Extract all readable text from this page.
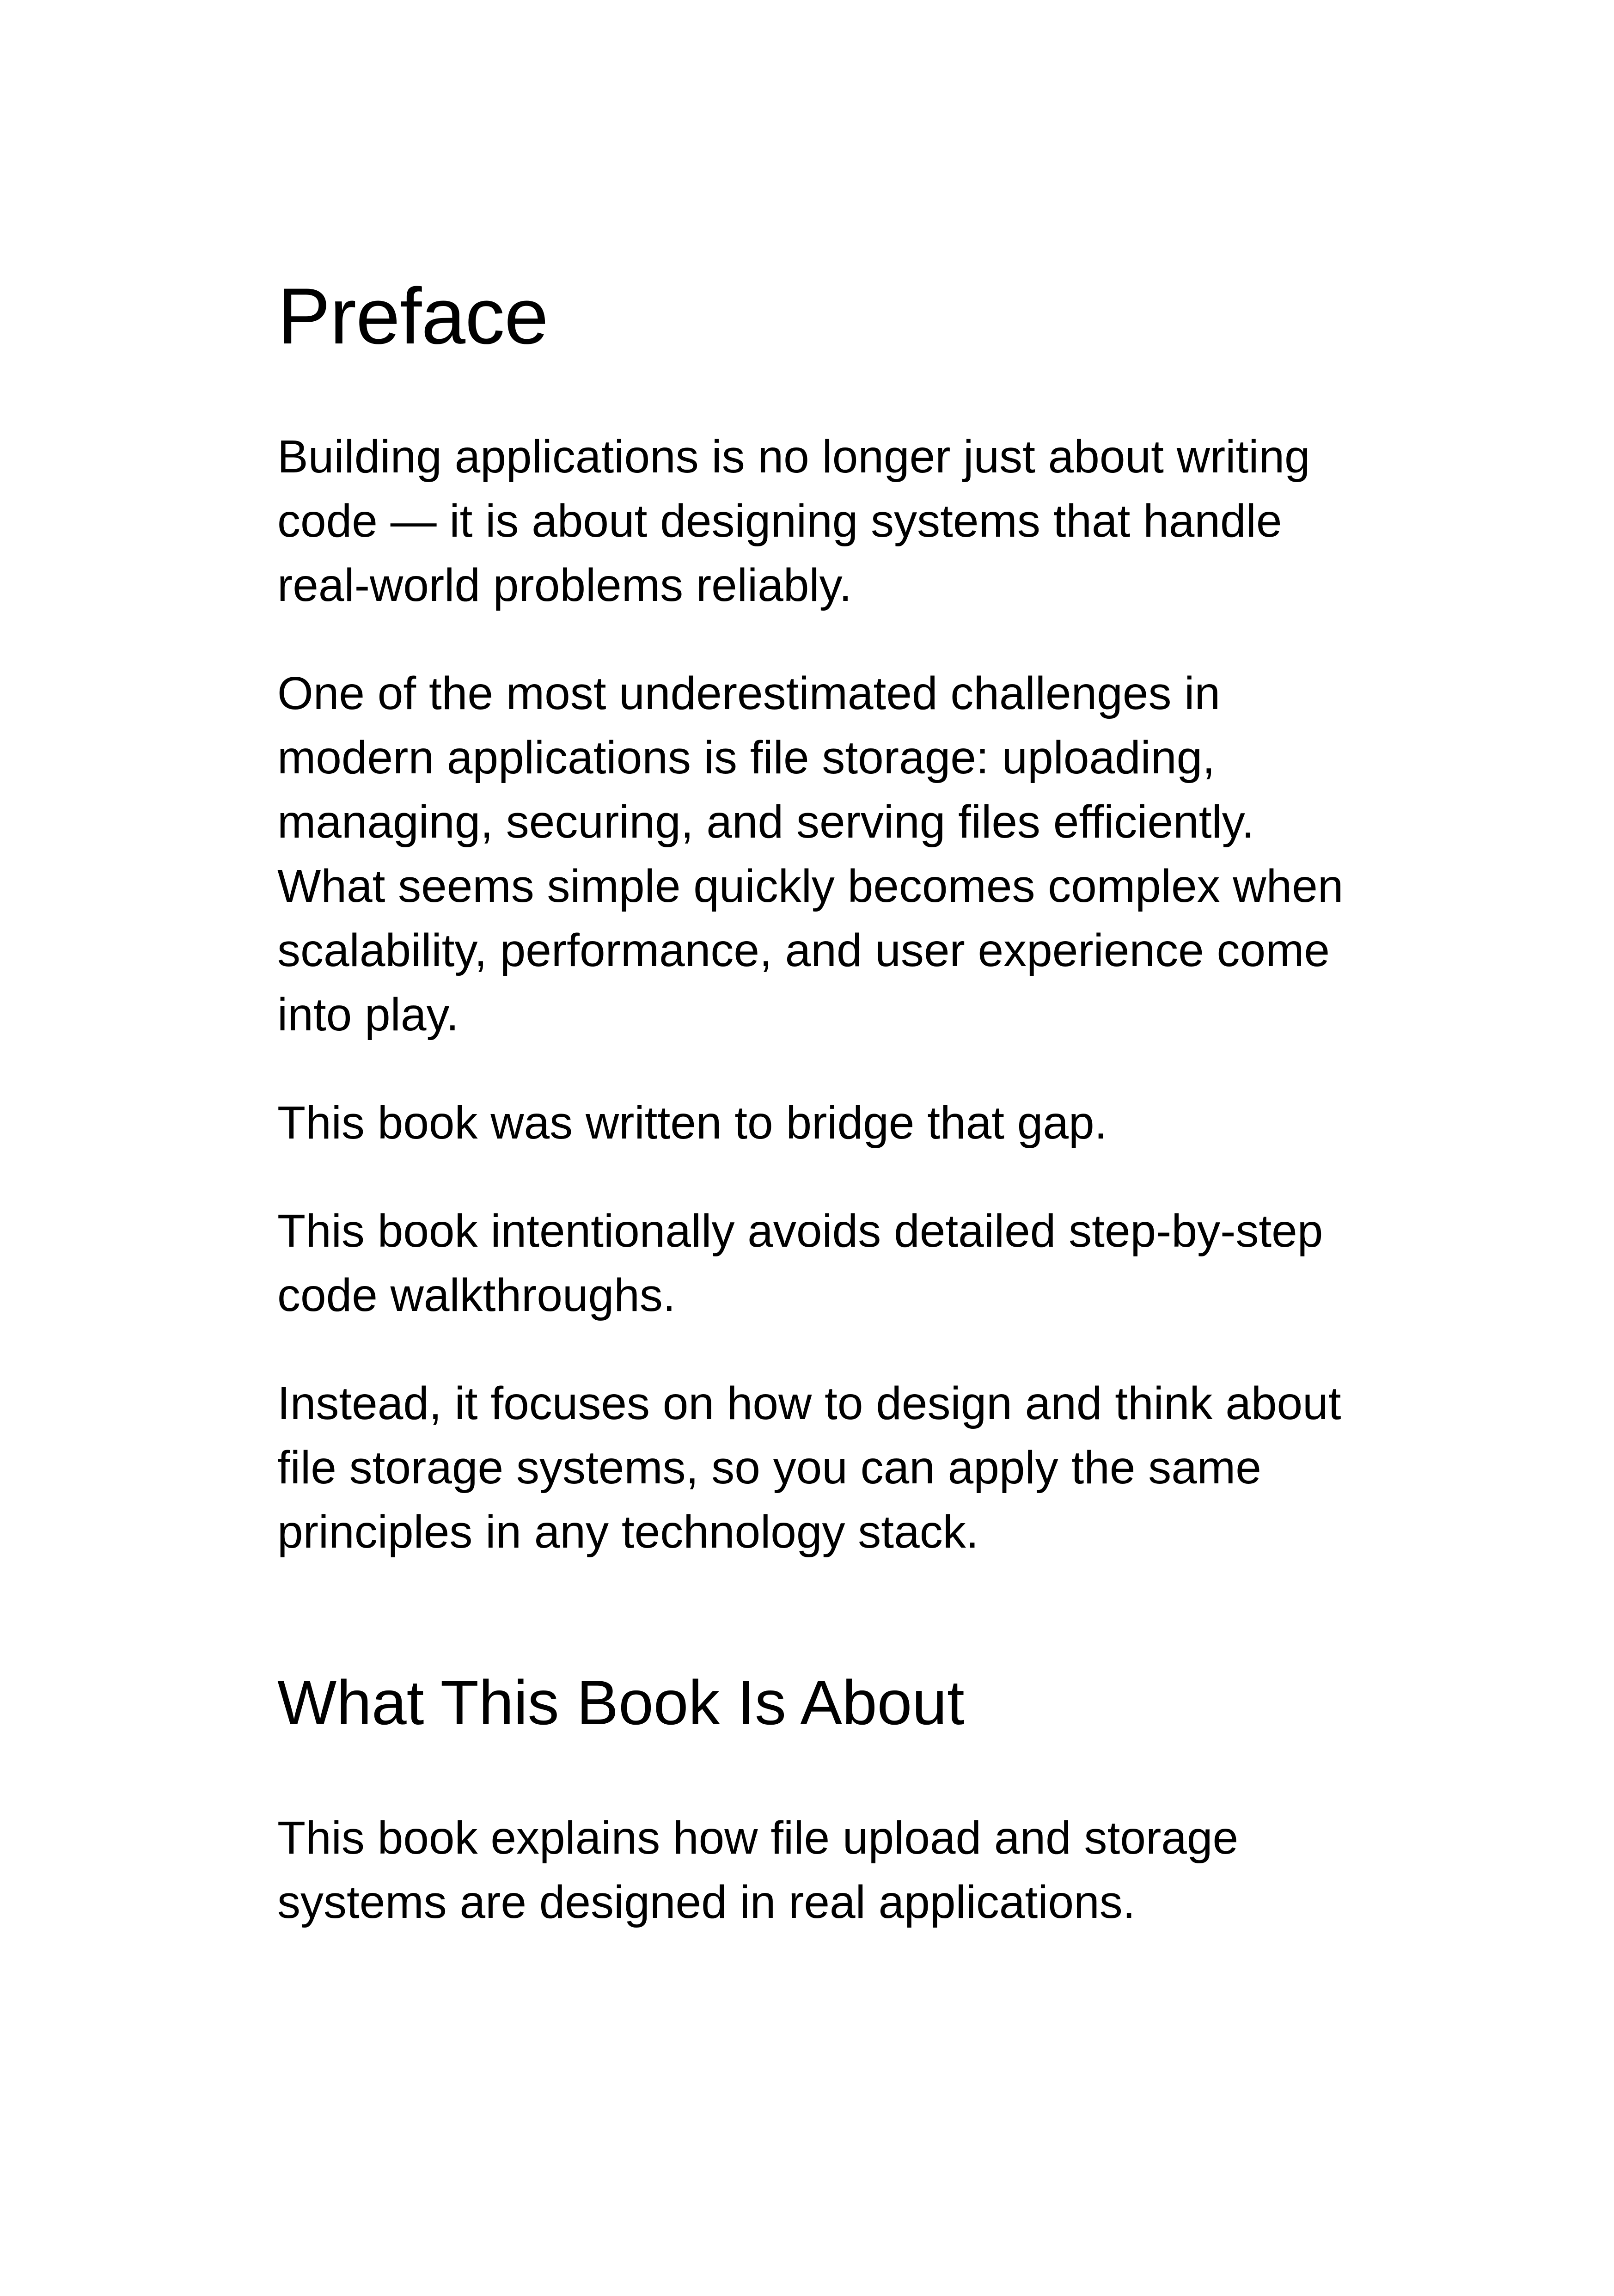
Preface

Building applications is no longer just about writing code — it is about designing systems that handle real-world problems reliably.

One of the most underestimated challenges in modern applications is file storage: uploading, managing, securing, and serving files efficiently. What seems simple quickly becomes complex when scalability, performance, and user experience come into play.

This book was written to bridge that gap.

This book intentionally avoids detailed step-by-step code walkthroughs.

Instead, it focuses on how to design and think about file storage systems, so you can apply the same principles in any technology stack.

What This Book Is About

This book explains how file upload and storage systems are designed in real applications.
